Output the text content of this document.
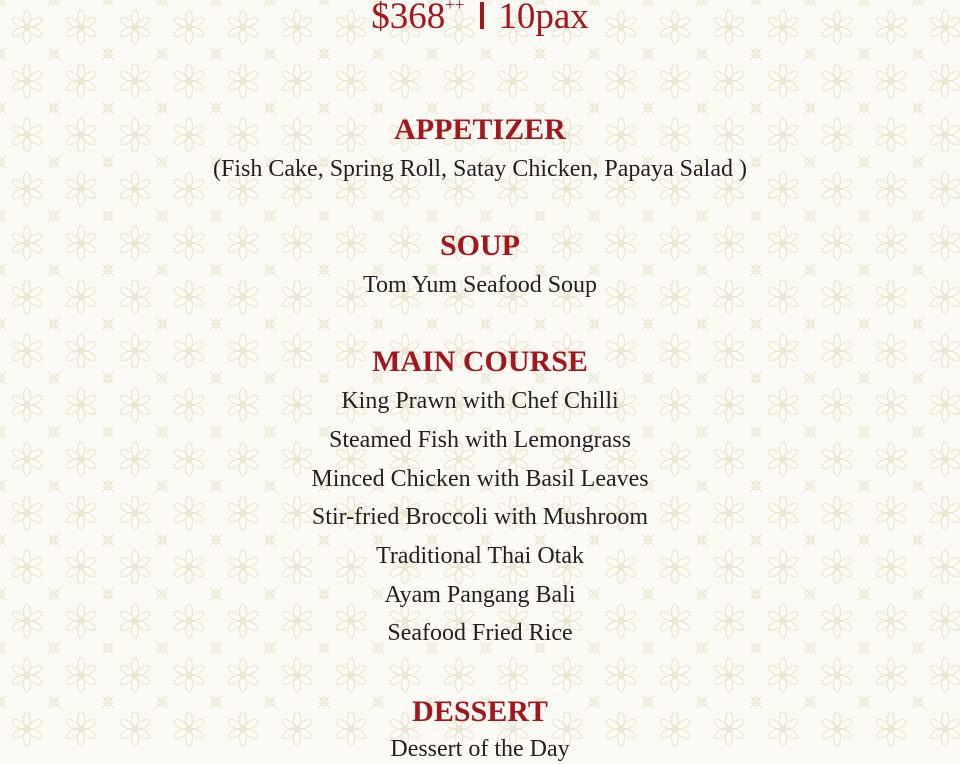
$368++ 10pax
APPETIZER
(Fish Cake, Spring Roll, Satay Chicken, Papaya Salad )
SOUP
Tom Yum Seafood Soup
MAIN COURSE
King Prawn with Chef Chilli
Steamed Fish with Lemongrass
Minced Chicken with Basil Leaves
Stir-fried Broccoli with Mushroom
Traditional Thai Otak
Ayam Pangang Bali
Seafood Fried Rice
DESSERT
Dessert of the Day
